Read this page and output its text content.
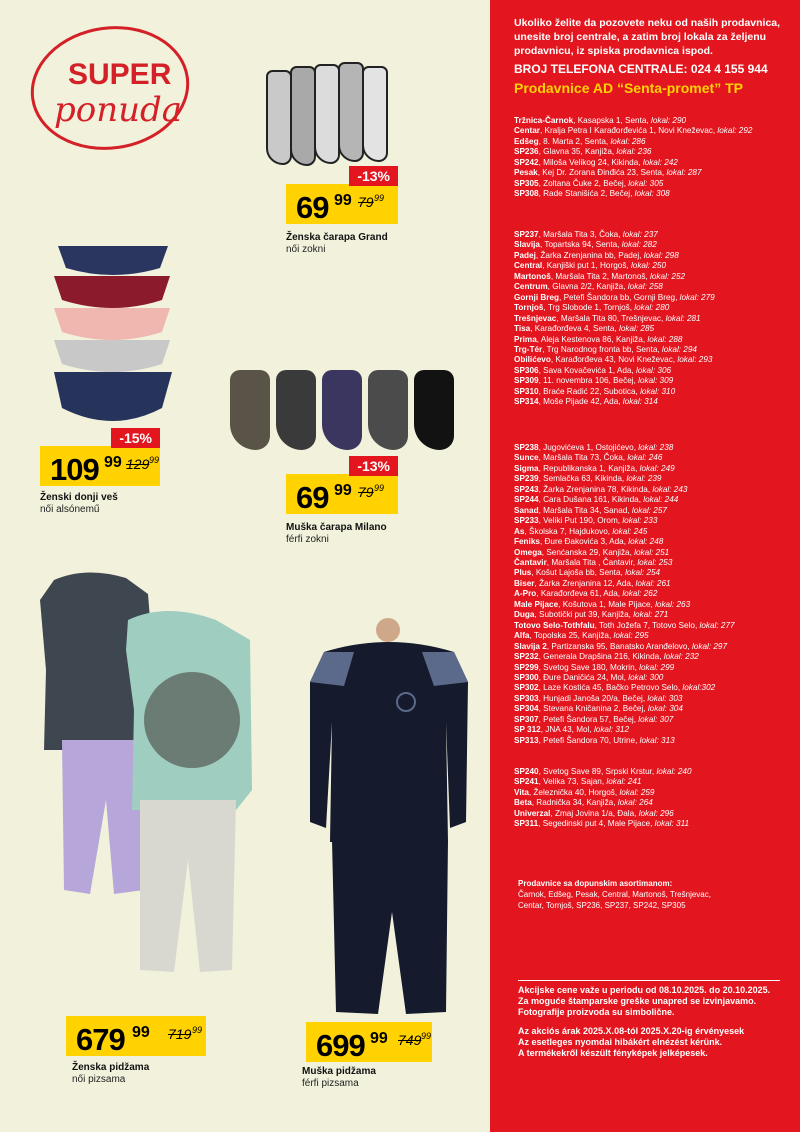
SUPER
ponuda
-13%
69 99 79 99
Ženska čarapa Grand
női zokni
-15%
109 99 129 99
Ženski donji veš
női alsónemű
-13%
69 99 79 99
Muška čarapa Milano
férfi zokni
679 99 719 99
Ženska pidžama
női pizsama
699 99 749 99
Muška pidžama
férfi pizsama
Ukoliko želite da pozovete neku od naših prodavnica,
unesite broj centrale, a zatim broj lokala za željenu
prodavnicu, iz spiska prodavnica ispod.
BROJ TELEFONA CENTRALE: 024 4 155 944
Prodavnice AD “Senta-promet” TP
Tržnica-Čarnok, Kasapska 1, Senta, lokal: 290
Centar, Kralja Petra I Karađorđevića 1, Novi Kneževac, lokal: 292
Edšeg, 8. Marta 2, Senta, lokal: 286
SP236, Glavna 35, Kanjiža, lokal: 236
SP242, Miloša Velikog 24, Kikinda, lokal: 242
Pesak, Kej Dr. Zorana Đinđića 23, Senta, lokal: 287
SP305, Zoltana Čuke 2, Bečej, lokal: 305
SP308, Rade Stanišića 2, Bečej, lokal: 308
SP237, Maršala Tita 3, Čoka, lokal: 237
Slavija, Topartska 94, Senta, lokal: 282
Padej, Žarka Zrenjanina bb, Padej, lokal: 298
Central, Kanjiški put 1, Horgoš, lokal: 250
Martonoš, Maršala Tita 2, Martonoš, lokal: 252
Centrum, Glavna 2/2, Kanjiža, lokal: 258
Gornji Breg, Petefi Šandora bb, Gornji Breg, lokal: 279
Tornjoš, Trg Slobode 1, Tornjoš, lokal: 280
Trešnjevac, Maršala Tita 80, Trešnjevac, lokal: 281
Tisa, Karađorđeva 4, Senta, lokal: 285
Prima, Aleja Kestenova 86, Kanjiža, lokal: 288
Trg-Tér, Trg Narodnog fronta bb, Senta, lokal: 294
Obilićevo, Karađorđeva 43, Novi Kneževac, lokal: 293
SP306, Sava Kovačevića 1, Ada, lokal: 306
SP309, 11. novembra 106, Bečej, lokal: 309
SP310, Braće Radić 22, Subotica, lokal: 310
SP314, Moše Pijade 42, Ada, lokal: 314
SP238, Jugovićeva 1, Ostojićevo, lokal: 238
Sunce, Maršala Tita 73, Čoka, lokal: 246
Sigma, Republikanska 1, Kanjiža, lokal: 249
SP239, Semlačka 63, Kikinda, lokal: 239
SP243, Žarka Zrenjanina 78, Kikinda, lokal: 243
SP244, Cara Dušana 161, Kikinda, lokal: 244
Sanad, Maršala Tita 34, Sanad, lokal: 257
SP233, Veliki Put 190, Orom, lokal: 233
As, Školska 7, Hajdukovo, lokal: 245
Feniks, Đure Đakovića 3, Ada, lokal: 248
Omega, Senćanska 29, Kanjiža, lokal: 251
Čantavir, Maršala Tita , Čantavir, lokal: 253
Plus, Košut Lajoša bb, Senta, lokal: 254
Biser, Žarka Zrenjanina 12, Ada, lokal: 261
A-Pro, Karađorđeva 61, Ada, lokal: 262
Male Pijace, Košutova 1, Male Pijace, lokal: 263
Duga, Subotički put 39, Kanjiža, lokal: 271
Totovo Selo-Tothfalu, Toth Jožefa 7, Totovo Selo, lokal: 277
Alfa, Topolska 25, Kanjiža, lokal: 295
Slavija 2, Partizanska 95, Banatsko Aranđelovo, lokal: 297
SP232, Generala Drapšina 216, Kikinda, lokal: 232
SP299, Svetog Save 180, Mokrin, lokal: 299
SP300, Đure Daničića 24, Mol, lokal: 300
SP302, Laze Kostića 45, Bačko Petrovo Selo, lokal:302
SP303, Hunjadi Janoša 20/a, Bečej, lokal: 303
SP304, Stevana Kničanina 2, Bečej, lokal: 304
SP307, Petefi Šandora 57, Bečej, lokal: 307
SP 312, JNA 43, Mol, lokal: 312
SP313, Petefi Šandora 70, Utrine, lokal: 313
SP240, Svetog Save 89, Srpski Krstur, lokal: 240
SP241, Velika 73, Sajan, lokal: 241
Vita, Železnička 40, Horgoš, lokal: 259
Beta, Radnička 34, Kanjiža, lokal: 264
Univerzal, Zmaj Jovina 1/a, Đala, lokal: 296
SP311, Segedinski put 4, Male Pijace, lokal: 311
Prodavnice sa dopunskim asortimanom:
Čarnok, Edšeg, Pesak, Central, Martonoš, Trešnjevac,
Centar, Tornjoš, SP236, SP237, SP242, SP305
Akcijske cene važe u periodu od 08.10.2025. do 20.10.2025.
Za moguće štamparske greške unapred se izvinjavamo.
Fotografije proizvoda su simbolične.
Az akciós árak 2025.X.08-tól 2025.X.20-ig érvényesek
Az esetleges nyomdai hibákért elnézést kérünk.
A termékekről készült fényképek jelképesek.
